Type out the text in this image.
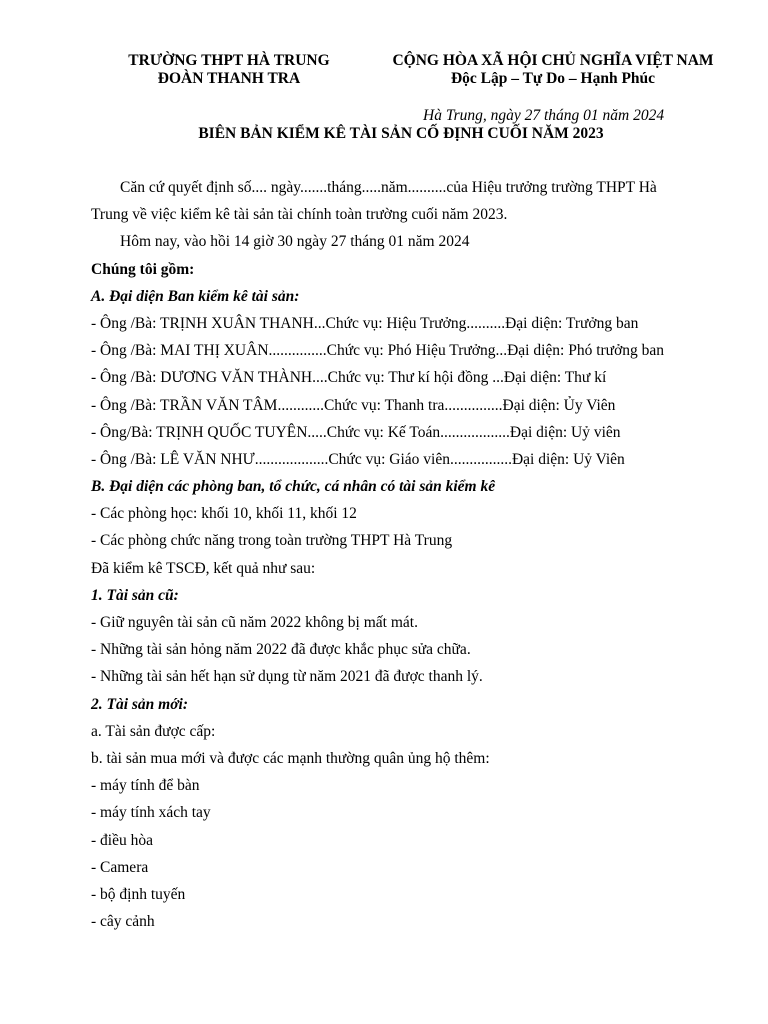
TRƯỜNG THPT HÀ TRUNG
ĐOÀN THANH TRA
CỘNG HÒA XÃ HỘI CHỦ NGHĨA VIỆT NAM
Độc Lập – Tự Do – Hạnh Phúc
Hà Trung, ngày 27 tháng 01 năm 2024
BIÊN BẢN KIỂM KÊ TÀI SẢN CỐ ĐỊNH CUỐI NĂM 2023
Căn cứ quyết định số.... ngày.......tháng.....năm..........của Hiệu trưởng trường THPT Hà
Trung về việc kiểm kê tài sản tài chính toàn trường cuối năm 2023.
Hôm nay, vào hồi 14 giờ 30 ngày 27 tháng 01 năm 2024
Chúng tôi gồm:
A. Đại diện Ban kiểm kê tài sản:
- Ông /Bà: TRỊNH XUÂN THANH...Chức vụ: Hiệu Trưởng..........Đại diện: Trưởng ban
- Ông /Bà: MAI THỊ XUÂN...............Chức vụ: Phó Hiệu Trưởng...Đại diện: Phó trưởng ban
- Ông /Bà: DƯƠNG VĂN THÀNH....Chức vụ: Thư kí hội đồng ...Đại diện: Thư kí
- Ông /Bà: TRẦN VĂN TÂM............Chức vụ: Thanh tra...............Đại diện: Ủy Viên
- Ông/Bà: TRỊNH QUỐC TUYÊN.....Chức vụ: Kế Toán..................Đại diện: Uỷ viên
- Ông /Bà: LÊ VĂN NHƯ...................Chức vụ: Giáo viên................Đại diện: Uỷ Viên
B. Đại diện các phòng ban, tổ chức, cá nhân có tài sản kiểm kê
- Các phòng học: khối 10, khối 11, khối 12
- Các phòng chức năng trong toàn trường THPT Hà Trung
Đã kiểm kê TSCĐ, kết quả như sau:
1. Tài sản cũ:
- Giữ nguyên tài sản cũ năm 2022 không bị mất mát.
- Những tài sản hỏng năm 2022 đã được khắc phục sửa chữa.
- Những tài sản hết hạn sử dụng từ năm 2021 đã được thanh lý.
2. Tài sản mới:
a. Tài sản được cấp:
b. tài sản mua mới và được các mạnh thường quân ủng hộ thêm:
- máy tính để bàn
- máy tính xách tay
- điều hòa
- Camera
- bộ định tuyến
- cây cảnh
